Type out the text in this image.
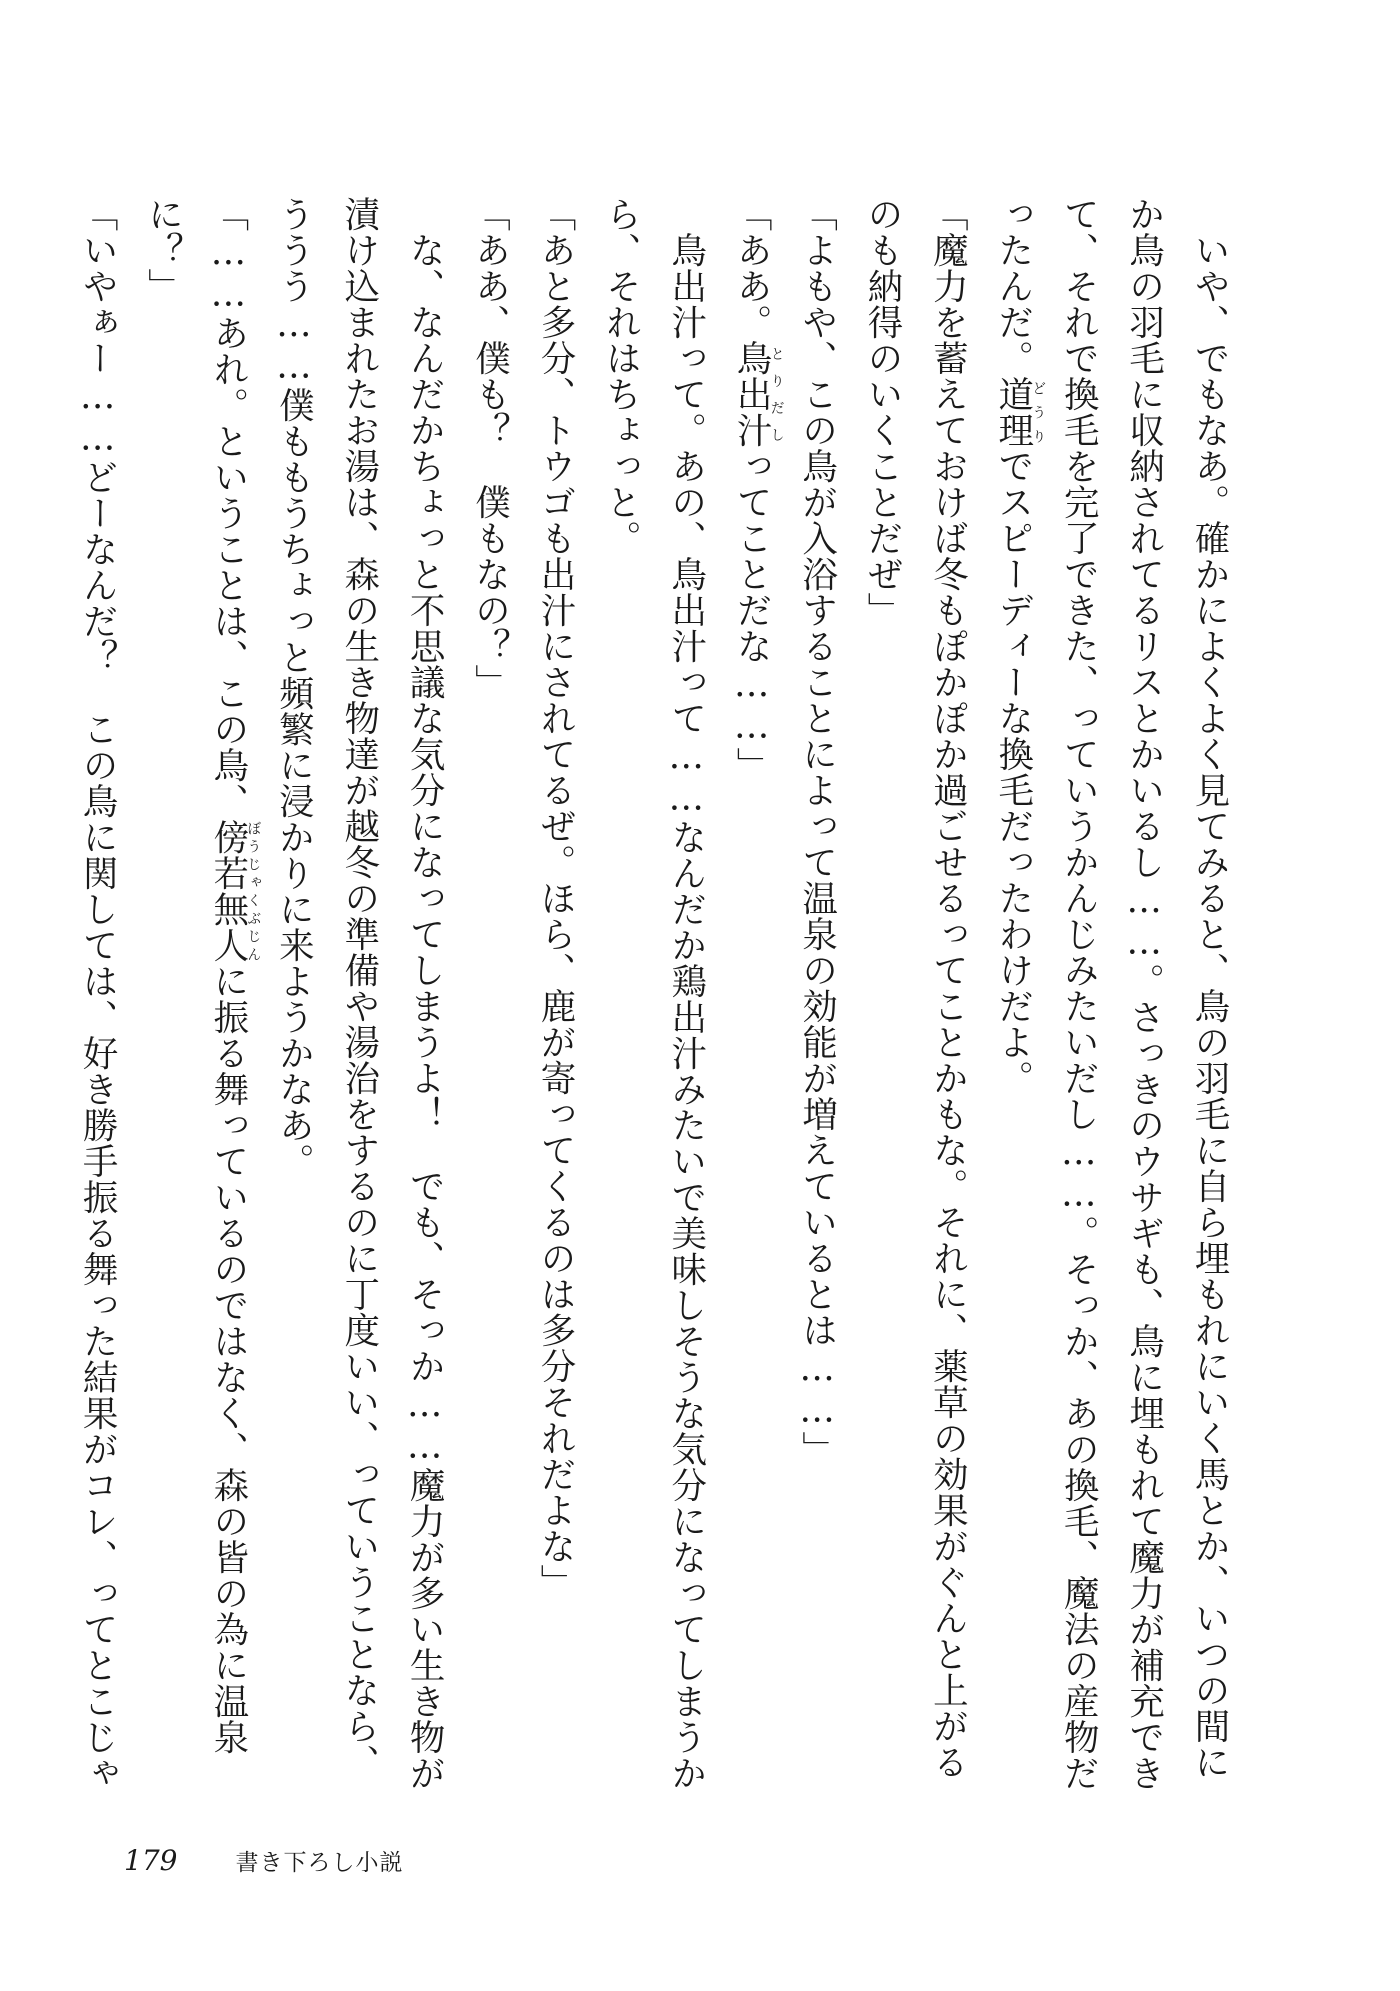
　いや、でもなあ。確かによくよく見てみると、鳥の羽毛に自ら埋もれにいく馬とか、いつの間に

か鳥の羽毛に収納されてるリスとかいるし……。さっきのウサギも、鳥に埋もれて魔力が補充でき

て、それで換毛を完了できた、っていうかんじみたいだし……。そっか、あの換毛、魔法の産物だ

ったんだ。道理どうりでスピーディーな換毛だったわけだよ。

「魔力を蓄えておけば冬もぽかぽか過ごせるってことかもな。それに、薬草の効果がぐんと上がる

のも納得のいくことだぜ」

「よもや、この鳥が入浴することによって温泉の効能が増えているとは……」

「ああ。鳥出汁とりだしってことだな……」

　鳥出汁って。あの、鳥出汁って……なんだか鶏出汁みたいで美味しそうな気分になってしまうか

ら、それはちょっと。

「あと多分、トウゴも出汁にされてるぜ。ほら、鹿が寄ってくるのは多分それだよな」

「ああ、僕も？　僕もなの？」

　な、なんだかちょっと不思議な気分になってしまうよ！　でも、そっか……魔力が多い生き物が

漬け込まれたお湯は、森の生き物達が越冬の準備や湯治をするのに丁度いい、っていうことなら、

ううう……僕ももうちょっと頻繁に浸かりに来ようかなあ。

「……あれ。ということは、この鳥、傍若無人ぼうじゃくぶじんに振る舞っているのではなく、森の皆の為に温泉

に？」

「いやぁー……どーなんだ？　この鳥に関しては、好き勝手振る舞った結果がコレ、ってとこじゃ

179	書き下ろし小説
